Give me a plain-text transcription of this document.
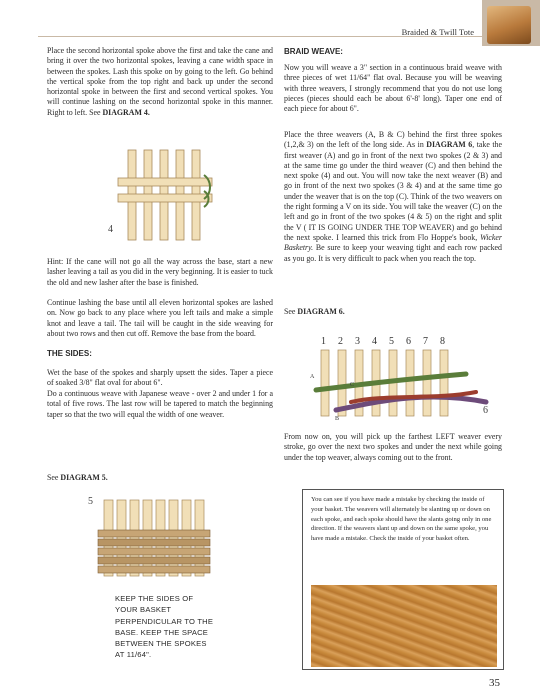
Braided & Twill Tote
Place the second horizontal spoke above the first and take the cane and bring it over the two horizontal spokes, leaving a cane width space in between the spokes. Lash this spoke on by going to the left. Go behind the vertical spoke from the top right and back up under the second horizontal spoke in between the first and second vertical spokes. You will continue lashing on the second horizontal spoke in this manner. Right to left. See DIAGRAM 4.
4
Hint: If the cane will not go all the way across the base, start a new lasher leaving a tail as you did in the very beginning. It is easier to tuck the old and new lasher after the base is finished.
Continue lashing the base until all eleven horizontal spokes are lashed on. Now go back to any place where you left tails and make a simple knot and leave a tail. The tail will be caught in the side weaving for about two rows and then cut off. Remove the base from the board.
THE SIDES:
Wet the base of the spokes and sharply upsett the sides. Taper a piece of soaked 3/8" flat oval for about 6".
Do a continuous weave with Japanese weave - over 2 and under 1 for a total of five rows. The last row will be tapered to match the beginning taper so that the two will equal the width of one weaver.
See DIAGRAM 5.
5
KEEP THE SIDES OF YOUR BASKET PERPENDICULAR TO THE BASE. KEEP THE SPACE BETWEEN THE SPOKES AT 11/64".
BRAID WEAVE:
Now you will weave a 3" section in a continuous braid weave with three pieces of wet 11/64" flat oval. Because you will be weaving with three weavers, I strongly recommend that you do not use long pieces (pieces should each be about 6'-8' long). Taper one end of each piece for about 6".
Place the three weavers (A, B & C) behind the first three spokes (1,2,& 3) on the left of the long side. As in DIAGRAM 6, take the first weaver (A) and go in front of the next two spokes (2 & 3) and at the same time go under the third weaver (C) and then behind the next spoke (4) and out. You will now take the next weaver (B) and go in front of the next two spokes (3 & 4) and at the same time go under the weaver that is on the top (C). Think of the two weavers on the right forming a V on its side. You will take the weaver (C) on the left and go in front of the two spokes (4 & 5) on the right and split the V ( IT IS GOING UNDER THE TOP WEAVER) and go behind the next spoke. I learned this trick from Flo Hoppe's book, Wicker Basketry. Be sure to keep your weaving tight and each row packed as you go. It is very difficult to pack when you reach the top.
See DIAGRAM 6.
1 2 3 4 5 6 7 8
A
B
C
6
From now on, you will pick up the farthest LEFT weaver every stroke, go over the next two spokes and under the next while going under the top weaver, always coming out to the front.
You can see if you have made a mistake by checking the inside of your basket. The weavers will alternately be slanting up or down on each spoke, and each spoke should have the slants going only in one direction. If the weavers slant up and down on the same spoke, you have made a mistake. Check the inside of your basket often.
35
